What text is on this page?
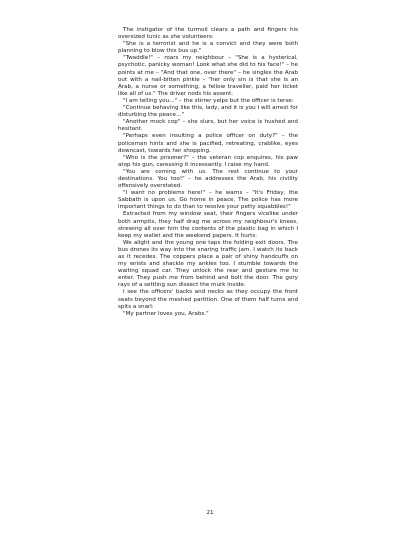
The instigator of the turmoil clears a path and fingers his oversized tunic as she volunteers:

"She is a terrorist and he is a convict and they were both planning to blow this bus up."

"Twaddle!" – roars my neighbour – "She is a hysterical, psychotic, panicky woman! Look what she did to his face!" – he points at me – "And that one, over there" – he singles the Arab out with a nail-bitten pinkie – "her only sin is that she is an Arab, a nurse or something, a fellow traveller, paid her ticket like all of us." The driver nods his assent.

"I am telling you…" – the stirrer yelps but the officer is terse:

"Continue behaving like this, lady, and it is you I will arrest for disturbing the peace…"

"Another mock cop" – she slurs, but her voice is hushed and hesitant.

"Perhaps even insulting a police officer on duty?" – the policeman hints and she is pacified, retreating, crablike, eyes downcast, towards her shopping.

"Who is the prisoner?" – the veteran cop enquires, his paw atop his gun, caressing it incessantly. I raise my hand.

"You are coming with us. The rest continue to your destinations. You too!" – he addresses the Arab, his civility offensively overstated.

"I want no problems here!" – he warns – "It's Friday, the Sabbath is upon us. Go home in peace. The police has more important things to do than to resolve your petty squabbles!"

Extracted from my window seat, their fingers vicelike under both armpits, they half drag me across my neighbour's knees, strewing all over him the contents of the plastic bag in which I keep my wallet and the weekend papers. It hurts.

We alight and the young one taps the folding exit doors. The bus drones its way into the snaring traffic jam. I watch its back as it recedes. The coppers place a pair of shiny handcuffs on my wrists and shackle my ankles too. I stumble towards the waiting squad car. They unlock the rear and gesture me to enter. They push me from behind and bolt the door. The gory rays of a settling sun dissect the murk inside.

I see the officers' backs and necks as they occupy the front seats beyond the meshed partition. One of them half turns and spits a snarl:

"My partner loves you, Arabs."

21
